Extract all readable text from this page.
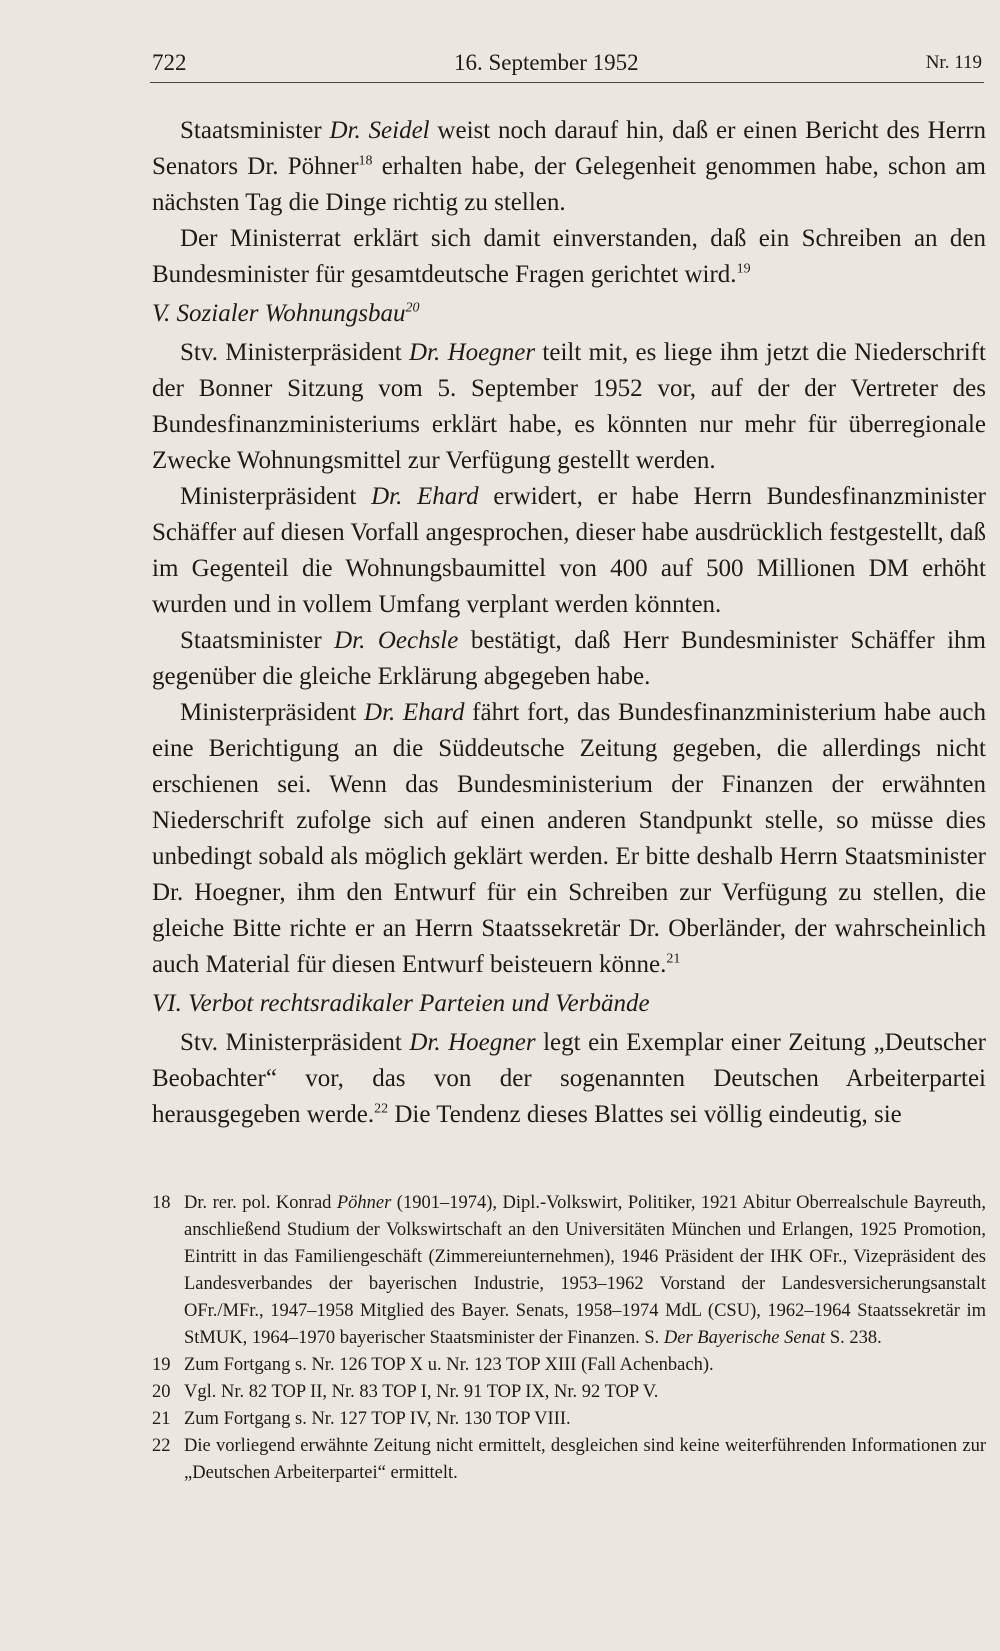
722	16. September 1952	Nr. 119

Staatsminister Dr. Seidel weist noch darauf hin, daß er einen Bericht des Herrn Senators Dr. Pöhner$^{18}$ erhalten habe, der Gelegenheit genommen habe, schon am nächsten Tag die Dinge richtig zu stellen.

Der Ministerrat erklärt sich damit einverstanden, daß ein Schreiben an den Bundesminister für gesamtdeutsche Fragen gerichtet wird.$^{19}$

V. Sozialer Wohnungsbau$^{20}$

Stv. Ministerpräsident Dr. Hoegner teilt mit, es liege ihm jetzt die Niederschrift der Bonner Sitzung vom 5. September 1952 vor, auf der der Vertreter des Bundesfinanzministeriums erklärt habe, es könnten nur mehr für überregionale Zwecke Wohnungsmittel zur Verfügung gestellt werden.

Ministerpräsident Dr. Ehard erwidert, er habe Herrn Bundesfinanzminister Schäffer auf diesen Vorfall angesprochen, dieser habe ausdrücklich festgestellt, daß im Gegenteil die Wohnungsbaumittel von 400 auf 500 Millionen DM erhöht wurden und in vollem Umfang verplant werden könnten.

Staatsminister Dr. Oechsle bestätigt, daß Herr Bundesminister Schäffer ihm gegenüber die gleiche Erklärung abgegeben habe.

Ministerpräsident Dr. Ehard fährt fort, das Bundesfinanzministerium habe auch eine Berichtigung an die Süddeutsche Zeitung gegeben, die allerdings nicht erschienen sei. Wenn das Bundesministerium der Finanzen der erwähnten Niederschrift zufolge sich auf einen anderen Standpunkt stelle, so müsse dies unbedingt sobald als möglich geklärt werden. Er bitte deshalb Herrn Staatsminister Dr. Hoegner, ihm den Entwurf für ein Schreiben zur Verfügung zu stellen, die gleiche Bitte richte er an Herrn Staatssekretär Dr. Oberländer, der wahrscheinlich auch Material für diesen Entwurf beisteuern könne.$^{21}$

VI. Verbot rechtsradikaler Parteien und Verbände

Stv. Ministerpräsident Dr. Hoegner legt ein Exemplar einer Zeitung „Deutscher Beobachter“ vor, das von der sogenannten Deutschen Arbeiterpartei herausgegeben werde.$^{22}$ Die Tendenz dieses Blattes sei völlig eindeutig, sie

18 Dr. rer. pol. Konrad Pöhner (1901–1974), Dipl.-Volkswirt, Politiker, 1921 Abitur Oberrealschule Bayreuth, anschließend Studium der Volkswirtschaft an den Universitäten München und Erlangen, 1925 Promotion, Eintritt in das Familiengeschäft (Zimmereiunternehmen), 1946 Präsident der IHK OFr., Vizepräsident des Landesverbandes der bayerischen Industrie, 1953–1962 Vorstand der Landesversicherungsanstalt OFr./MFr., 1947–1958 Mitglied des Bayer. Senats, 1958–1974 MdL (CSU), 1962–1964 Staatssekretär im StMUK, 1964–1970 bayerischer Staatsminister der Finanzen. S. Der Bayerische Senat S. 238.

19 Zum Fortgang s. Nr. 126 TOP X u. Nr. 123 TOP XIII (Fall Achenbach).

20 Vgl. Nr. 82 TOP II, Nr. 83 TOP I, Nr. 91 TOP IX, Nr. 92 TOP V.

21 Zum Fortgang s. Nr. 127 TOP IV, Nr. 130 TOP VIII.

22 Die vorliegend erwähnte Zeitung nicht ermittelt, desgleichen sind keine weiterführenden Informationen zur „Deutschen Arbeiterpartei“ ermittelt.
